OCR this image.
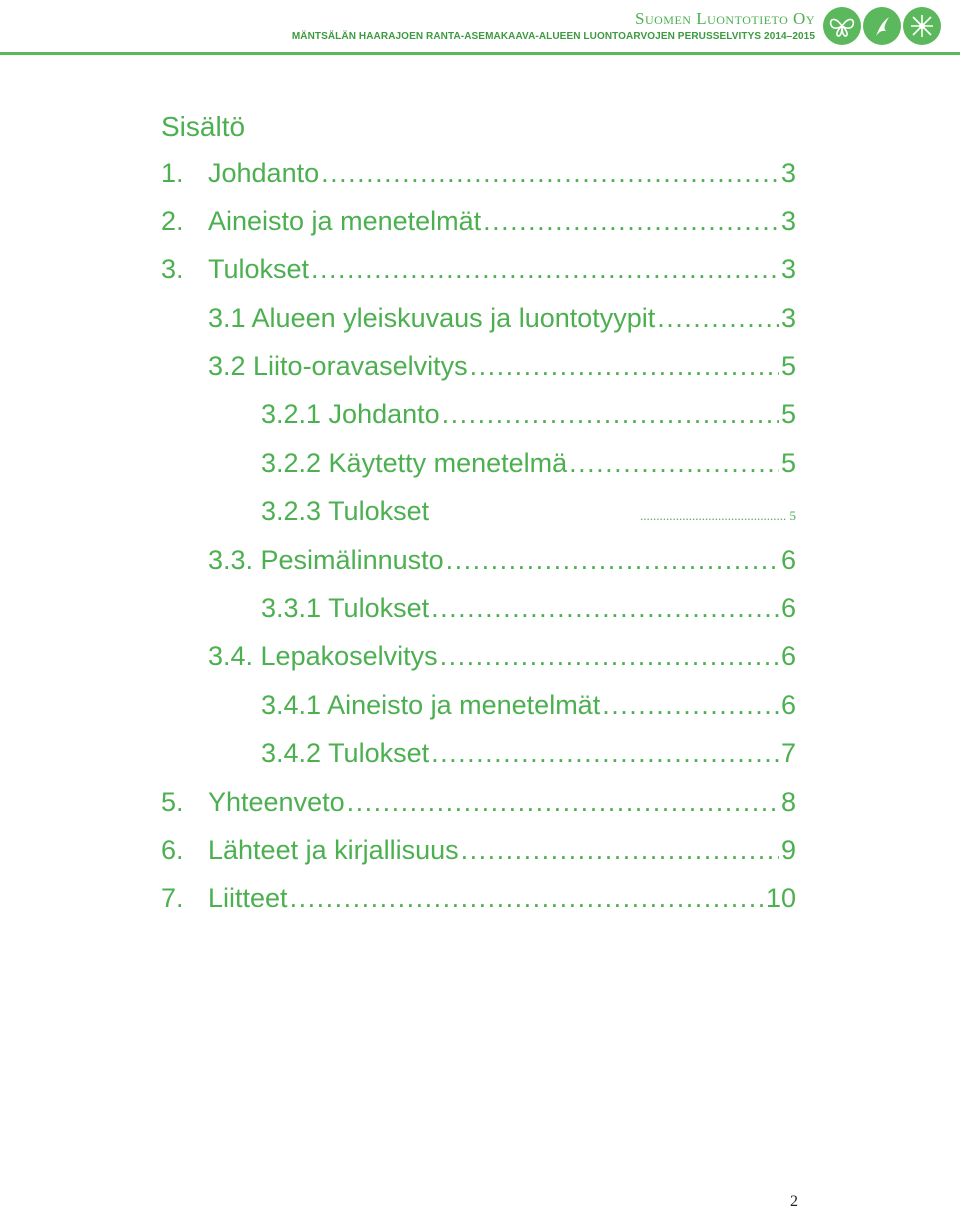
Suomen Luontotieto Oy
MÄNTSÄLÄN HAARAJOEN RANTA-ASEMAKAAVA-ALUEEN LUONTOARVOJEN PERUSSELVITYS 2014–2015
Sisältö
1. Johdanto . . .	3
2. Aineisto ja menetelmät . . .	3
3. Tulokset . . .	3
3.1 Alueen yleiskuvaus ja luontotyypit . . .	3
3.2 Liito-oravaselvitys . . .	5
3.2.1 Johdanto . . .	5
3.2.2 Käytetty menetelmä . . .	5
3.2.3 Tulokset	............................................. 5
3.3. Pesimälinnusto . . .	6
3.3.1 Tulokset . . .	6
3.4. Lepakoselvitys . . .	6
3.4.1 Aineisto ja menetelmät . . .	6
3.4.2 Tulokset . . .	7
5. Yhteenveto . . .	8
6. Lähteet ja kirjallisuus . . .	9
7. Liitteet . . .	10
2
